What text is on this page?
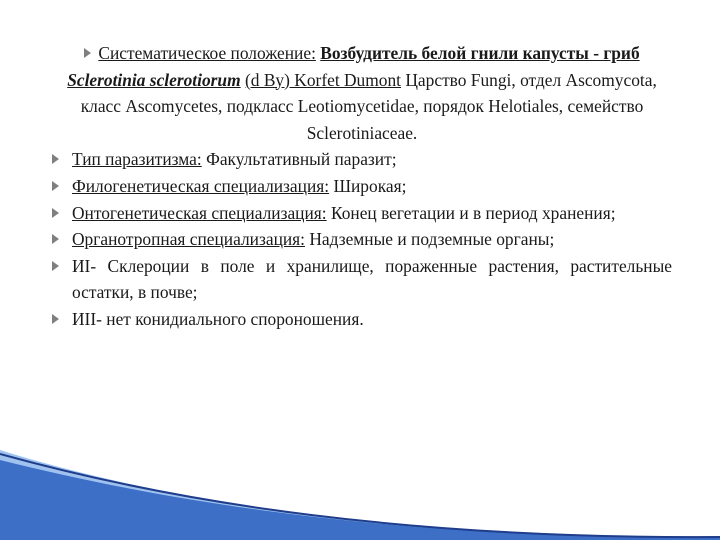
Систематическое положение: Возбудитель белой гнили капусты - гриб Sclerotinia sclerotiorum (d By) Korfet Dumont Царство Fungi, отдел Ascomycota, класс Ascomycetes, подкласс Leotiomycetidae, порядок Helotiales, семейство Sclerotiniaceae.
Тип паразитизма: Факультативный паразит;
Филогенетическая специализация: Широкая;
Онтогенетическая специализация: Конец вегетации и в период хранения;
Органотропная специализация: Надземные и подземные органы;
ИІ- Склероции в поле и хранилище, пораженные растения, растительные остатки, в почве;
ИІІ- нет конидиального спороношения.
